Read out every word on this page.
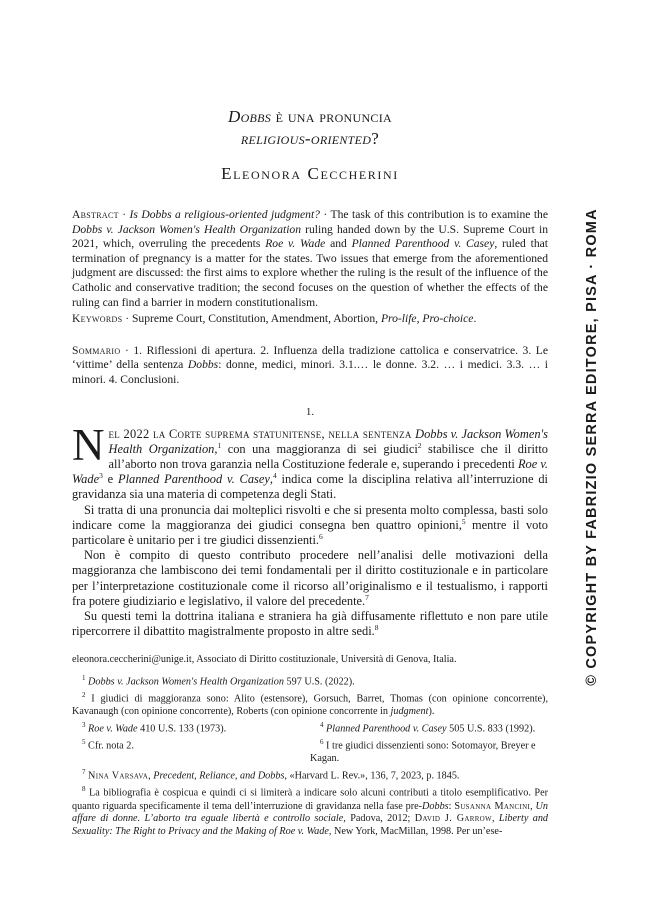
Dobbs è una pronuncia
religious-oriented?
Eleonora Ceccherini
Abstract · Is Dobbs a religious-oriented judgment? · The task of this contribution is to examine the Dobbs v. Jackson Women's Health Organization ruling handed down by the U.S. Supreme Court in 2021, which, overruling the precedents Roe v. Wade and Planned Parenthood v. Casey, ruled that termination of pregnancy is a matter for the states. Two issues that emerge from the aforementioned judgment are discussed: the first aims to explore whether the ruling is the result of the influence of the Catholic and conservative tradition; the second focuses on the question of whether the effects of the ruling can find a barrier in modern constitutionalism.
Keywords · Supreme Court, Constitution, Amendment, Abortion, Pro-life, Pro-choice.
Sommario · 1. Riflessioni di apertura. 2. Influenza della tradizione cattolica e conservatrice. 3. Le ‘vittime’ della sentenza Dobbs: donne, medici, minori. 3.1.… le donne. 3.2. … i medici. 3.3. … i minori. 4. Conclusioni.
1.

Nel 2022 la Corte suprema statunitense, nella sentenza Dobbs v. Jackson Women's Health Organization,$^1$ con una maggioranza di sei giudici$^2$ stabilisce che il diritto all’aborto non trova garanzia nella Costituzione federale e, superando i precedenti Roe v. Wade$^3$ e Planned Parenthood v. Casey,$^4$ indica come la disciplina relativa all’interruzione di gravidanza sia una materia di competenza degli Stati.

Si tratta di una pronuncia dai molteplici risvolti e che si presenta molto complessa, basti solo indicare come la maggioranza dei giudici consegna ben quattro opinioni,$^5$ mentre il voto particolare è unitario per i tre giudici dissenzienti.$^6$

Non è compito di questo contributo procedere nell’analisi delle motivazioni della maggioranza che lambiscono dei temi fondamentali per il diritto costituzionale e in particolare per l’interpretazione costituzionale come il ricorso all’originalismo e il testualismo, i rapporti fra potere giudiziario e legislativo, il valore del precedente.$^7$

Su questi temi la dottrina italiana e straniera ha già diffusamente riflettuto e non pare utile ripercorrere il dibattito magistralmente proposto in altre sedi.$^8$

eleonora.ceccherini@unige.it, Associato di Diritto costituzionale, Università di Genova, Italia.
$^1$ Dobbs v. Jackson Women's Health Organization 597 U.S. (2022).
$^2$ I giudici di maggioranza sono: Alito (estensore), Gorsuch, Barret, Thomas (con opinione concorrente), Kavanaugh (con opinione concorrente), Roberts (con opinione concorrente in judgment).
$^3$ Roe v. Wade 410 U.S. 133 (1973).	$^4$ Planned Parenthood v. Casey 505 U.S. 833 (1992).
$^5$ Cfr. nota 2.	$^6$ I tre giudici dissenzienti sono: Sotomayor, Breyer e Kagan.
$^7$ Nina Varsava, Precedent, Reliance, and Dobbs, «Harvard L. Rev.», 136, 7, 2023, p. 1845.
$^8$ La bibliografia è cospicua e quindi ci si limiterà a indicare solo alcuni contributi a titolo esemplificativo. Per quanto riguarda specificamente il tema dell’interruzione di gravidanza nella fase pre-Dobbs: Susanna Mancini, Un affare di donne. L’aborto tra eguale libertà e controllo sociale, Padova, 2012; David J. Garrow, Liberty and Sexuality: The Right to Privacy and the Making of Roe v. Wade, New York, MacMillan, 1998. Per un’ese-
© COPYRIGHT BY FABRIZIO SERRA EDITORE, PISA · ROMA
